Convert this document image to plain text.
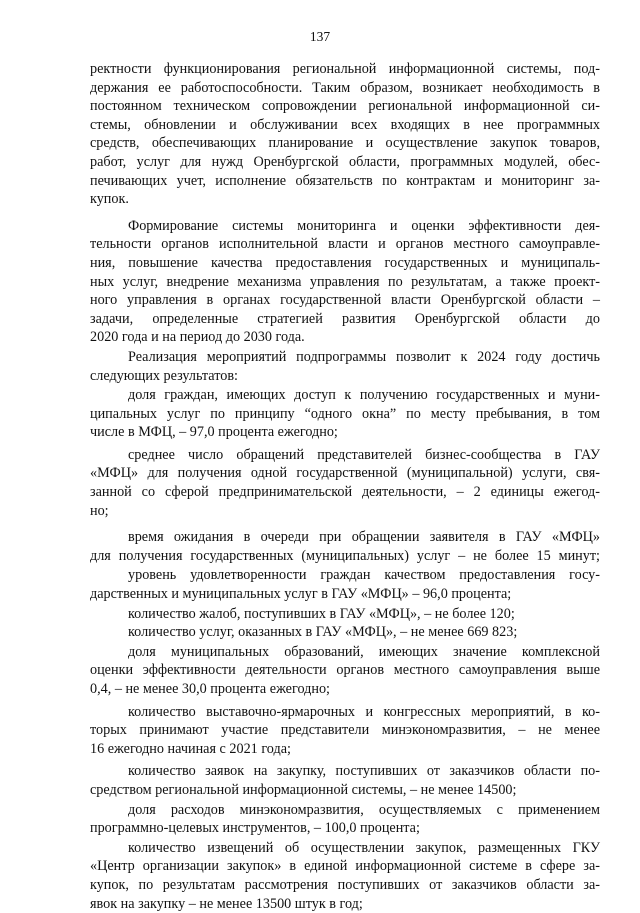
137
ректности функционирования региональной информационной системы, под-
держания ее работоспособности. Таким образом, возникает необходимость в
постоянном техническом сопровождении региональной информационной си-
стемы, обновлении и обслуживании всех входящих в нее программных
средств, обеспечивающих планирование и осуществление закупок товаров,
работ, услуг для нужд Оренбургской области, программных модулей, обес-
печивающих учет, исполнение обязательств по контрактам и мониторинг за-
купок.
Формирование системы мониторинга и оценки эффективности дея-
тельности органов исполнительной власти и органов местного самоуправле-
ния, повышение качества предоставления государственных и муниципаль-
ных услуг, внедрение механизма управления по результатам, а также проект-
ного управления в органах государственной власти Оренбургской области –
задачи, определенные стратегией развития Оренбургской области до
2020 года и на период до 2030 года.
Реализация мероприятий подпрограммы позволит к 2024 году достичь
следующих результатов:
доля граждан, имеющих доступ к получению государственных и муни-
ципальных услуг по принципу “одного окна” по месту пребывания, в том
числе в МФЦ, – 97,0 процента ежегодно;
среднее число обращений представителей бизнес-сообщества в ГАУ
«МФЦ» для получения одной государственной (муниципальной) услуги, свя-
занной со сферой предпринимательской деятельности, – 2 единицы ежегод-
но;
время ожидания в очереди при обращении заявителя в ГАУ «МФЦ»
для получения государственных (муниципальных) услуг – не более 15 минут;
уровень удовлетворенности граждан качеством предоставления госу-
дарственных и муниципальных услуг в ГАУ «МФЦ» – 96,0 процента;
количество жалоб, поступивших в ГАУ «МФЦ», – не более 120;
количество услуг, оказанных в ГАУ «МФЦ», – не менее 669 823;
доля муниципальных образований, имеющих значение комплексной
оценки эффективности деятельности органов местного самоуправления выше
0,4, – не менее 30,0 процента ежегодно;
количество выставочно-ярмарочных и конгрессных мероприятий, в ко-
торых принимают участие представители минэкономразвития, – не менее
16 ежегодно начиная с 2021 года;
количество заявок на закупку, поступивших от заказчиков области по-
средством региональной информационной системы, – не менее 14500;
доля расходов минэкономразвития, осуществляемых с применением
программно-целевых инструментов, – 100,0 процента;
количество извещений об осуществлении закупок, размещенных ГКУ
«Центр организации закупок» в единой информационной системе в сфере за-
купок, по результатам рассмотрения поступивших от заказчиков области за-
явок на закупку – не менее 13500 штук в год;
